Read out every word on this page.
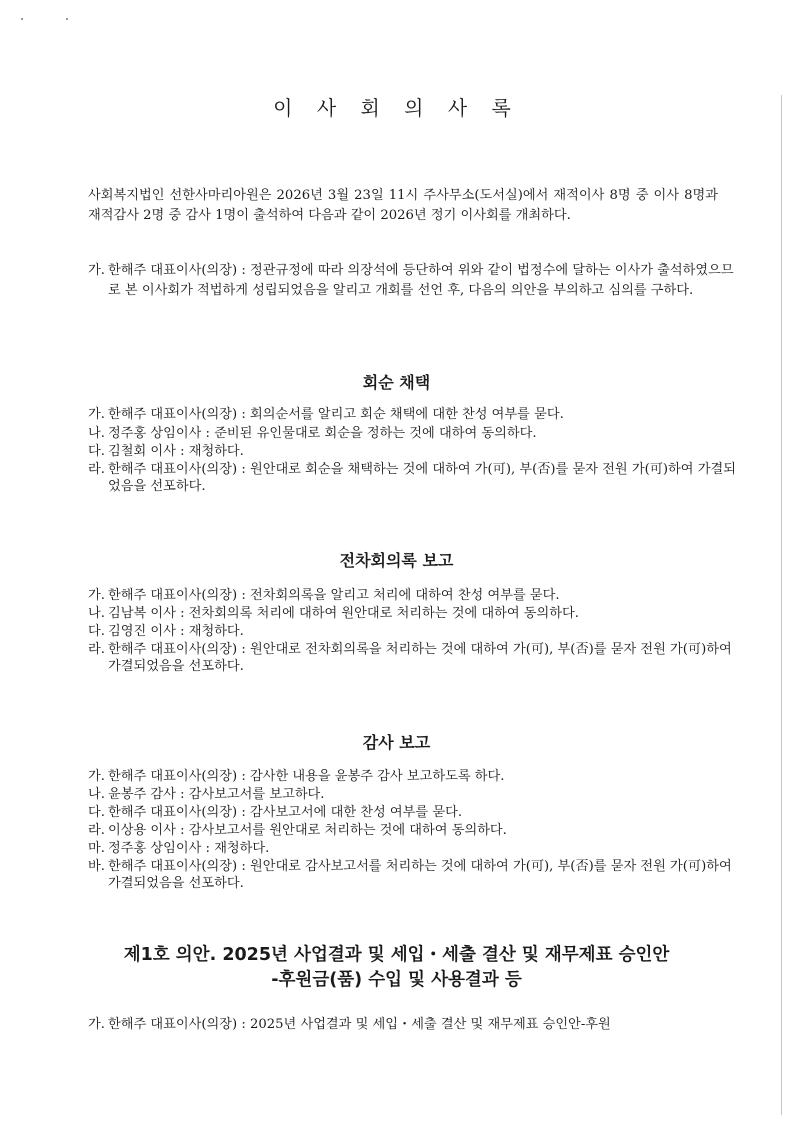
이 사 회 의 사 록
사회복지법인 선한사마리아원은 2026년 3월 23일 11시 주사무소(도서실)에서 재적이사 8명 중 이사 8명과 재적감사 2명 중 감사 1명이 출석하여 다음과 같이 2026년 정기 이사회를 개최하다.
가. 한해주 대표이사(의장) : 정관규정에 따라 의장석에 등단하여 위와 같이 법정수에 달하는 이사가 출석하였으므로 본 이사회가 적법하게 성립되었음을 알리고 개회를 선언 후, 다음의 의안을 부의하고 심의를 구하다.
회순 채택
가. 한해주 대표이사(의장) : 회의순서를 알리고 회순 채택에 대한 찬성 여부를 묻다.
나. 정주홍 상임이사 : 준비된 유인물대로 회순을 정하는 것에 대하여 동의하다.
다. 김철회 이사 : 재청하다.
라. 한해주 대표이사(의장) : 원안대로 회순을 채택하는 것에 대하여 가(可), 부(否)를 묻자 전원 가(可)하여 가결되었음을 선포하다.
전차회의록 보고
가. 한해주 대표이사(의장) : 전차회의록을 알리고 처리에 대하여 찬성 여부를 묻다.
나. 김남복 이사 : 전차회의록 처리에 대하여 원안대로 처리하는 것에 대하여 동의하다.
다. 김영진 이사 : 재청하다.
라. 한해주 대표이사(의장) : 원안대로 전차회의록을 처리하는 것에 대하여 가(可), 부(否)를 묻자 전원 가(可)하여 가결되었음을 선포하다.
감사 보고
가. 한해주 대표이사(의장) : 감사한 내용을 윤봉주 감사 보고하도록 하다.
나. 윤봉주 감사 : 감사보고서를 보고하다.
다. 한해주 대표이사(의장) : 감사보고서에 대한 찬성 여부를 묻다.
라. 이상용 이사 : 감사보고서를 원안대로 처리하는 것에 대하여 동의하다.
마. 정주홍 상임이사 : 재청하다.
바. 한해주 대표이사(의장) : 원안대로 감사보고서를 처리하는 것에 대하여 가(可), 부(否)를 묻자 전원 가(可)하여 가결되었음을 선포하다.
제1호 의안. 2025년 사업결과 및 세입・세출 결산 및 재무제표 승인안
-후원금(품) 수입 및 사용결과 등
가. 한해주 대표이사(의장) : 2025년 사업결과 및 세입・세출 결산 및 재무제표 승인안-후원
